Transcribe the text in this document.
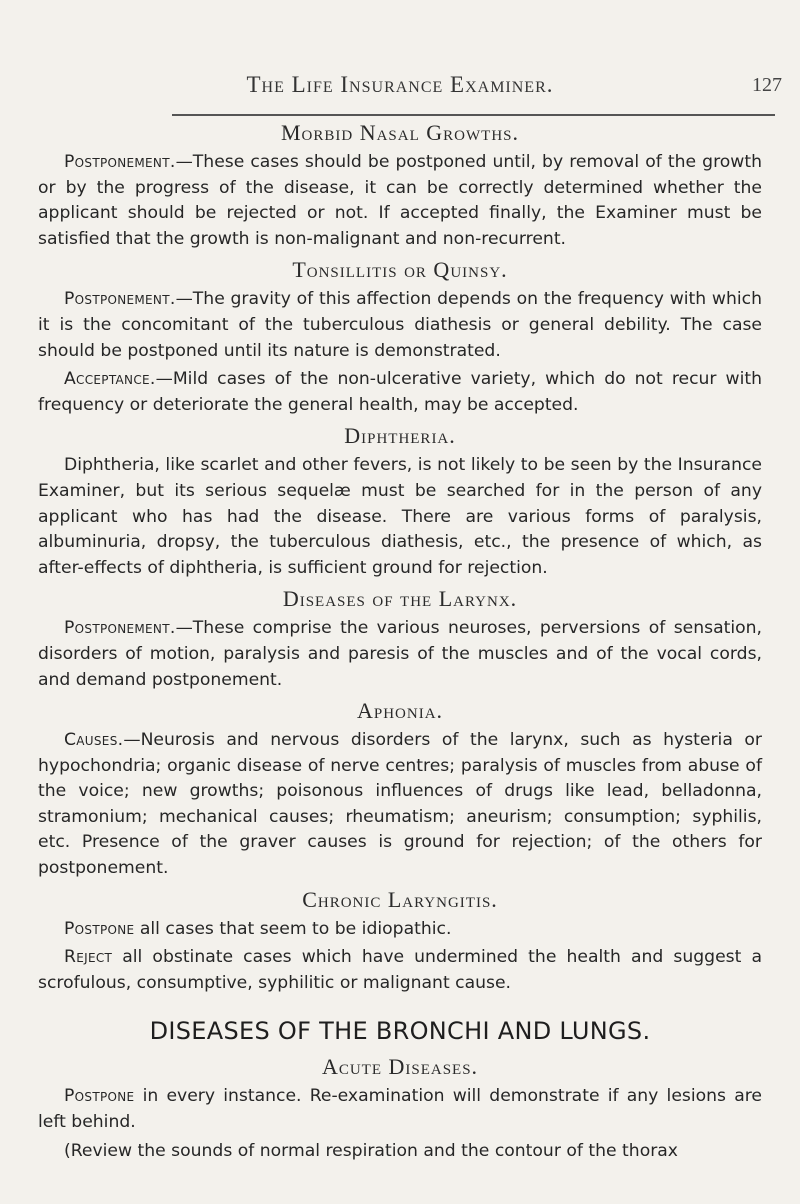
The Life Insurance Examiner.	127
Morbid Nasal Growths.

Postponement.—These cases should be postponed until, by removal of the growth or by the progress of the disease, it can be correctly determined whether the applicant should be rejected or not. If accepted finally, the Examiner must be satisfied that the growth is non-malignant and non-recurrent.

Tonsillitis or Quinsy.

Postponement.—The gravity of this affection depends on the frequency with which it is the concomitant of the tuberculous diathesis or general debility. The case should be postponed until its nature is demonstrated.

Acceptance.—Mild cases of the non-ulcerative variety, which do not recur with frequency or deteriorate the general health, may be accepted.

Diphtheria.

Diphtheria, like scarlet and other fevers, is not likely to be seen by the Insurance Examiner, but its serious sequelæ must be searched for in the person of any applicant who has had the disease. There are various forms of paralysis, albuminuria, dropsy, the tuberculous diathesis, etc., the presence of which, as after-effects of diphtheria, is sufficient ground for rejection.

Diseases of the Larynx.

Postponement.—These comprise the various neuroses, perversions of sensation, disorders of motion, paralysis and paresis of the muscles and of the vocal cords, and demand postponement.

Aphonia.

Causes.—Neurosis and nervous disorders of the larynx, such as hysteria or hypochondria; organic disease of nerve centres; paralysis of muscles from abuse of the voice; new growths; poisonous influences of drugs like lead, belladonna, stramonium; mechanical causes; rheumatism; aneurism; consumption; syphilis, etc. Presence of the graver causes is ground for rejection; of the others for postponement.

Chronic Laryngitis.

Postpone all cases that seem to be idiopathic.

Reject all obstinate cases which have undermined the health and suggest a scrofulous, consumptive, syphilitic or malignant cause.

DISEASES OF THE BRONCHI AND LUNGS.
Acute Diseases.

Postpone in every instance. Re-examination will demonstrate if any lesions are left behind.

(Review the sounds of normal respiration and the contour of the thorax
